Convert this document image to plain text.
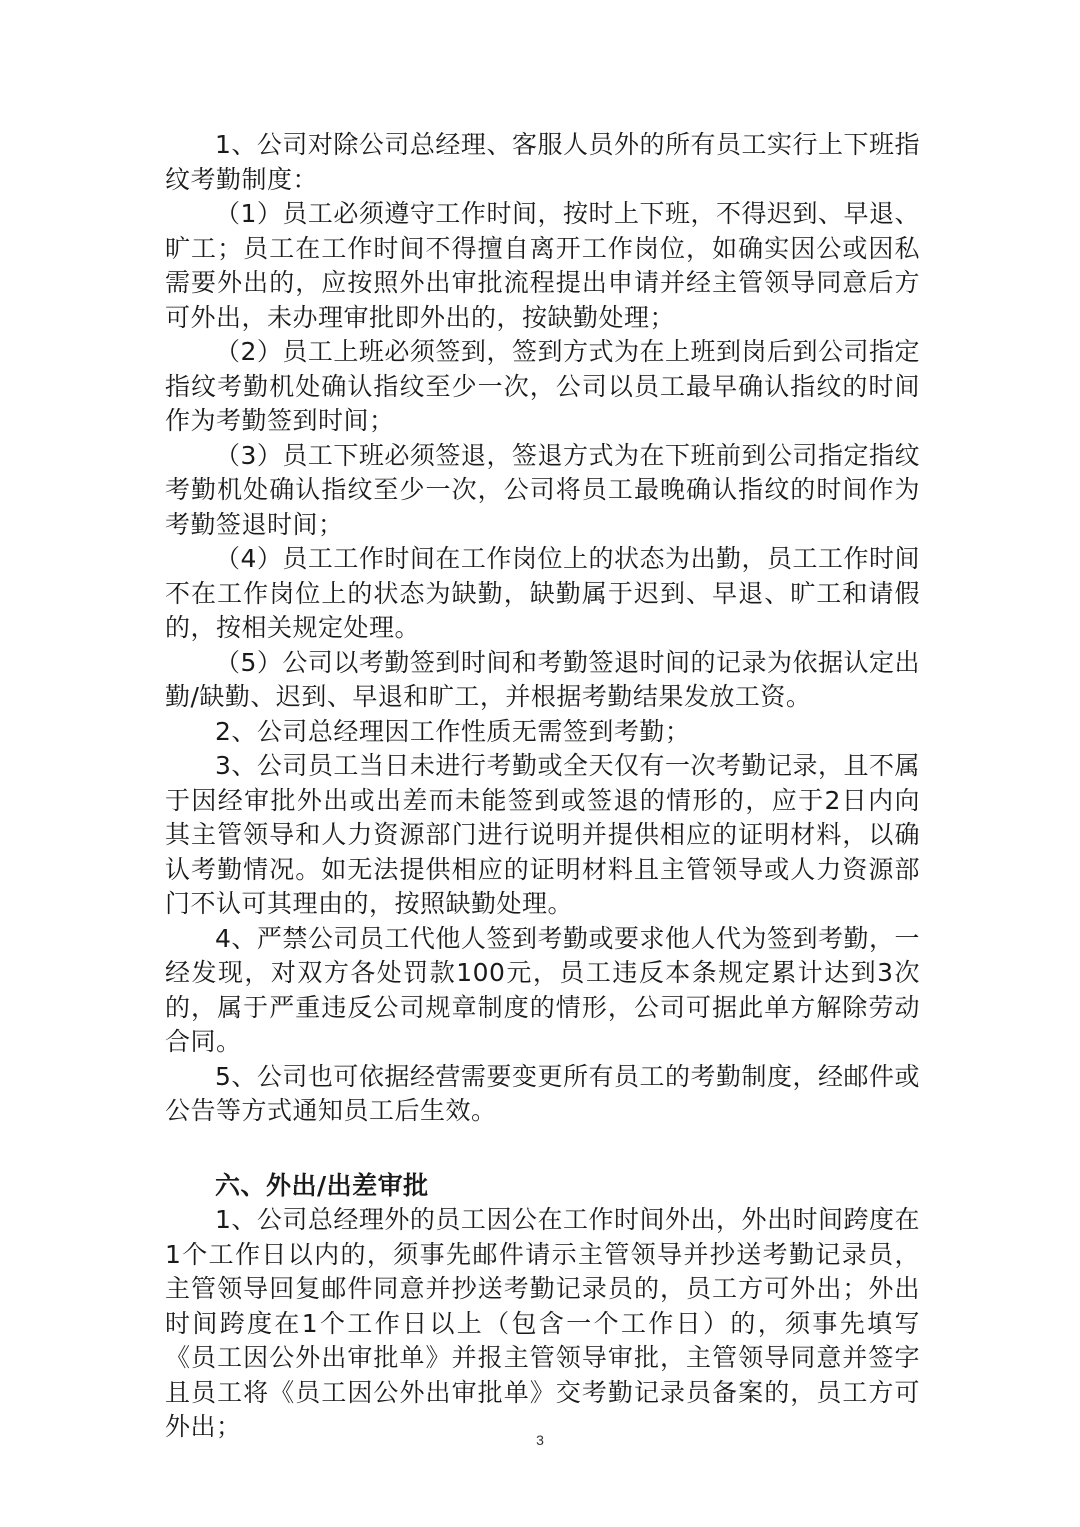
1、公司对除公司总经理、客服人员外的所有员工实行上下班指纹考勤制度：

（1）员工必须遵守工作时间，按时上下班，不得迟到、早退、旷工；员工在工作时间不得擅自离开工作岗位，如确实因公或因私需要外出的，应按照外出审批流程提出申请并经主管领导同意后方可外出，未办理审批即外出的，按缺勤处理；

（2）员工上班必须签到，签到方式为在上班到岗后到公司指定指纹考勤机处确认指纹至少一次，公司以员工最早确认指纹的时间作为考勤签到时间；

（3）员工下班必须签退，签退方式为在下班前到公司指定指纹考勤机处确认指纹至少一次，公司将员工最晚确认指纹的时间作为考勤签退时间；

（4）员工工作时间在工作岗位上的状态为出勤，员工工作时间不在工作岗位上的状态为缺勤，缺勤属于迟到、早退、旷工和请假的，按相关规定处理。

（5）公司以考勤签到时间和考勤签退时间的记录为依据认定出勤/缺勤、迟到、早退和旷工，并根据考勤结果发放工资。

2、公司总经理因工作性质无需签到考勤；

3、公司员工当日未进行考勤或全天仅有一次考勤记录，且不属于因经审批外出或出差而未能签到或签退的情形的，应于2日内向其主管领导和人力资源部门进行说明并提供相应的证明材料，以确认考勤情况。如无法提供相应的证明材料且主管领导或人力资源部门不认可其理由的，按照缺勤处理。

4、严禁公司员工代他人签到考勤或要求他人代为签到考勤，一经发现，对双方各处罚款100元，员工违反本条规定累计达到3次的，属于严重违反公司规章制度的情形，公司可据此单方解除劳动合同。

5、公司也可依据经营需要变更所有员工的考勤制度，经邮件或公告等方式通知员工后生效。

六、外出/出差审批

1、公司总经理外的员工因公在工作时间外出，外出时间跨度在1个工作日以内的，须事先邮件请示主管领导并抄送考勤记录员，主管领导回复邮件同意并抄送考勤记录员的，员工方可外出；外出时间跨度在1个工作日以上（包含一个工作日）的，须事先填写《员工因公外出审批单》并报主管领导审批，主管领导同意并签字且员工将《员工因公外出审批单》交考勤记录员备案的，员工方可外出；	3
